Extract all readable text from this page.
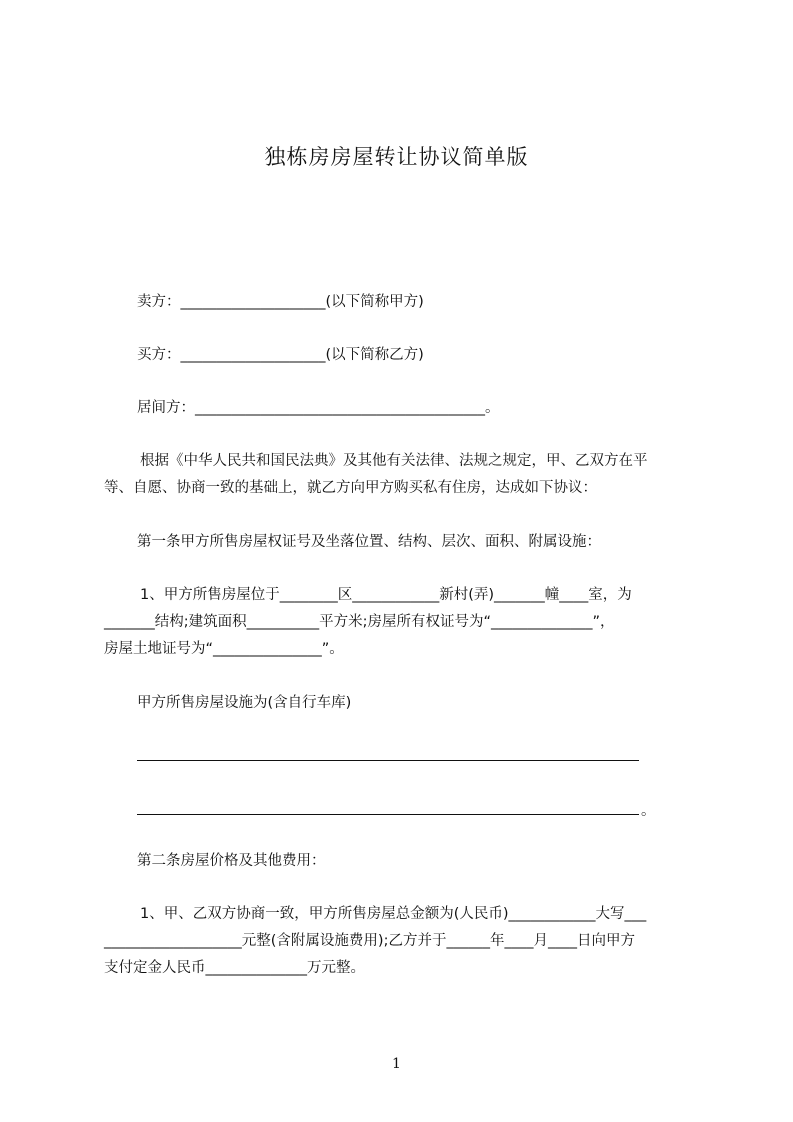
独栋房房屋转让协议简单版
卖方：____________________(以下简称甲方)
买方：____________________(以下简称乙方)
居间方：________________________________________。
根据《中华人民共和国民法典》及其他有关法律、法规之规定，甲、乙双方在平
等、自愿、协商一致的基础上，就乙方向甲方购买私有住房，达成如下协议：
第一条甲方所售房屋权证号及坐落位置、结构、层次、面积、附属设施：
1、甲方所售房屋位于________区____________新村(弄)_______幢____室，为
_______结构;建筑面积__________平方米;房屋所有权证号为“______________”，
房屋土地证号为“_______________”。
甲方所售房屋设施为(含自行车库)
。
第二条房屋价格及其他费用：
1、甲、乙双方协商一致，甲方所售房屋总金额为(人民币)____________大写___
___________________元整(含附属设施费用);乙方并于______年____月____日向甲方
支付定金人民币______________万元整。
1
